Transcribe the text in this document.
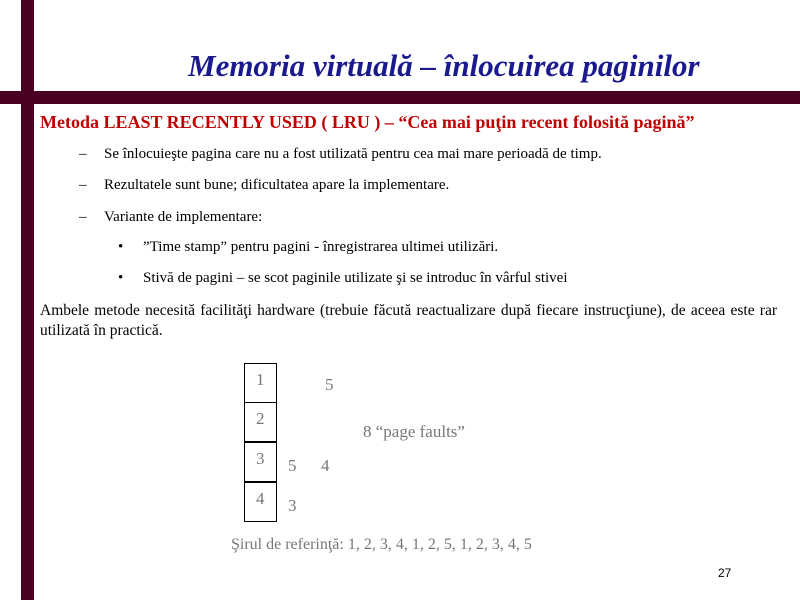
Memoria virtuală – înlocuirea paginilor
Metoda LEAST RECENTLY USED ( LRU ) – “Cea mai puţin recent folosită pagină”
– Se înlocuieşte pagina care nu a fost utilizată pentru cea mai mare perioadă de timp.
– Rezultatele sunt bune; dificultatea apare la implementare.
– Variante de implementare:
• ”Time stamp” pentru pagini - înregistrarea ultimei utilizări.
• Stivă de pagini – se scot paginile utilizate şi se introduc în vârful stivei
Ambele metode necesită facilităţi hardware (trebuie făcută reactualizare după fiecare instrucţiune), de aceea este rar utilizată în practică.
1
2
3
4
5
5 4
3
8 “page faults”
Şirul de referinţă: 1, 2, 3, 4, 1, 2, 5, 1, 2, 3, 4, 5
27
